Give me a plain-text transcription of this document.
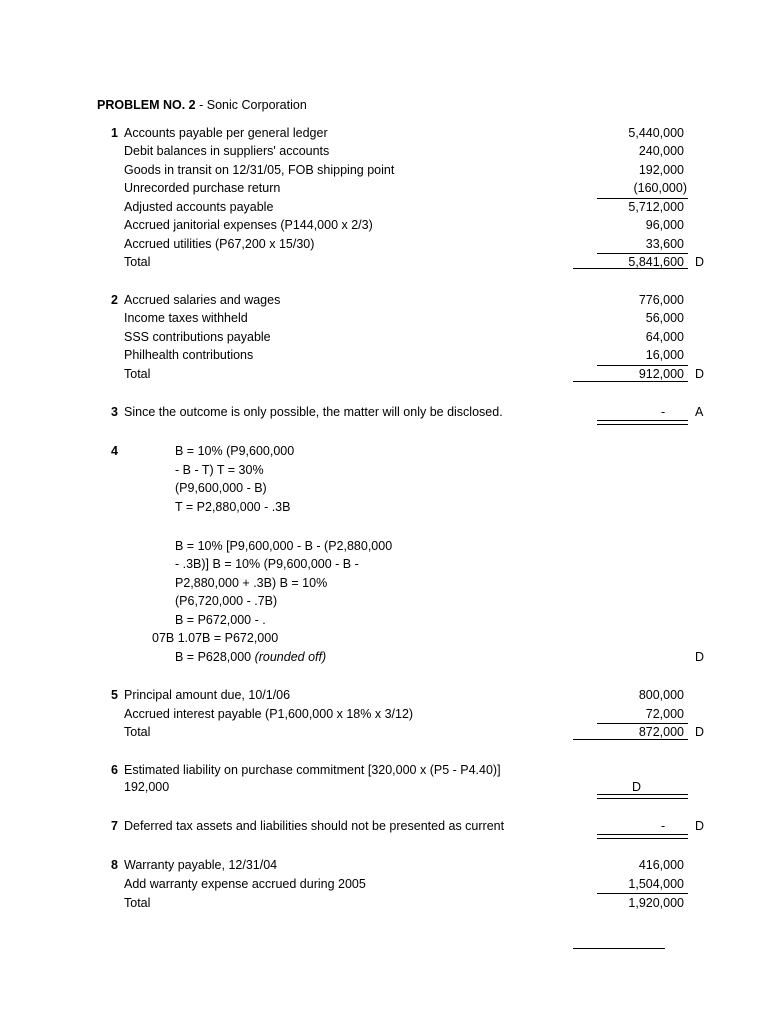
PROBLEM NO. 2 - Sonic Corporation
1 Accounts payable per general ledger	5,440,000
Debit balances in suppliers' accounts	240,000
Goods in transit on 12/31/05, FOB shipping point	192,000
Unrecorded purchase return	(160,000)
Adjusted accounts payable	5,712,000
Accrued janitorial expenses (P144,000 x 2/3)	96,000
Accrued utilities (P67,200 x 15/30)	33,600
Total	5,841,600 D
2 Accrued salaries and wages	776,000
Income taxes withheld	56,000
SSS contributions payable	64,000
Philhealth contributions	16,000
Total	912,000 D
3 Since the outcome is only possible, the matter will only be disclosed.	- A
4	B = 10% (P9,600,000
- B - T) T = 30%
(P9,600,000 - B)
T = P2,880,000 - .3B
B = 10% [P9,600,000 - B - (P2,880,000
- .3B)] B = 10% (P9,600,000 - B -
P2,880,000 + .3B) B = 10%
(P6,720,000 - .7B)
B = P672,000 - .
07B 1.07B = P672,000
B = P628,000 (rounded off)	D
5 Principal amount due, 10/1/06	800,000
Accrued interest payable (P1,600,000 x 18% x 3/12)	72,000
Total	872,000 D
6 Estimated liability on purchase commitment [320,000 x (P5 - P4.40)]
192,000	D
7 Deferred tax assets and liabilities should not be presented as current	- D
8 Warranty payable, 12/31/04	416,000
Add warranty expense accrued during 2005	1,504,000
Total	1,920,000
